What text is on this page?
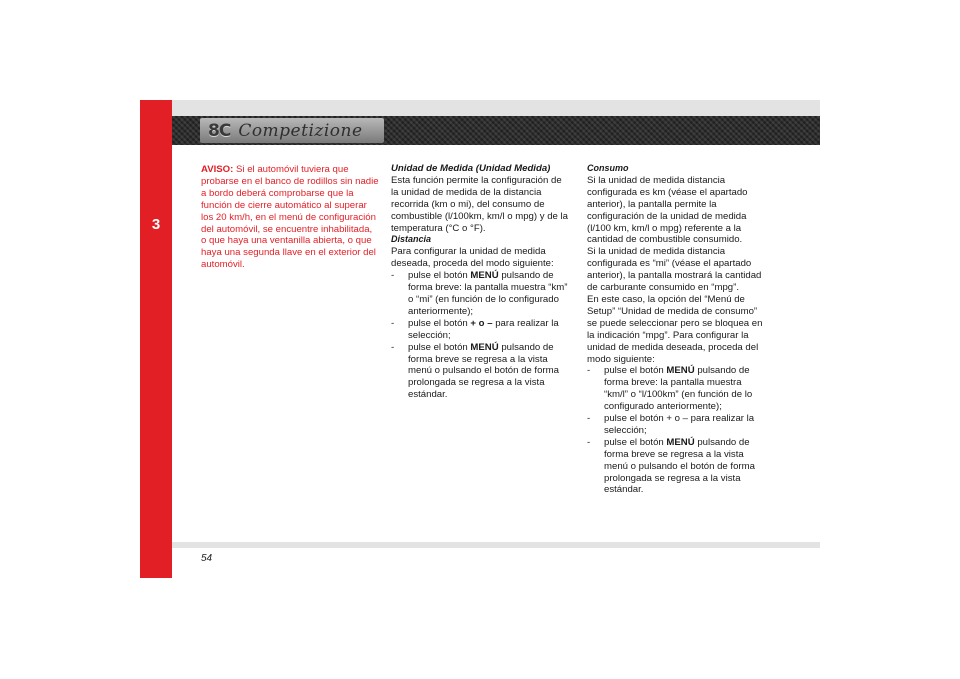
3
8C Competizione

AVISO: Si el automóvil tuviera que probarse en el banco de rodillos sin nadie a bordo deberá comprobarse que la función de cierre automático al superar los 20 km/h, en el menú de configuración del automóvil, se encuentre inhabilitada, o que haya una ventanilla abierta, o que haya una segunda llave en el exterior del automóvil.

Unidad de Medida (Unidad Medida)

Esta función permite la configuración de la unidad de medida de la distancia recorrida (km o mi), del consumo de combustible (l/100km, km/l o mpg) y de la temperatura (°C o °F).

Distancia

Para configurar la unidad de medida deseada, proceda del modo siguiente:

- pulse el botón MENÚ pulsando de forma breve: la pantalla muestra “km” o “mi” (en función de lo configurado anteriormente);
- pulse el botón + o – para realizar la selección;
- pulse el botón MENÚ pulsando de forma breve se regresa a la vista menú o pulsando el botón de forma prolongada se regresa a la vista estándar.

Consumo

Si la unidad de medida distancia configurada es km (véase el apartado anterior), la pantalla permite la configuración de la unidad de medida (l/100 km, km/l o mpg) referente a la cantidad de combustible consumido.

Si la unidad de medida distancia configurada es “mi” (véase el apartado anterior), la pantalla mostrará la cantidad de carburante consumido en “mpg”.

En este caso, la opción del “Menú de Setup” “Unidad de medida de consumo” se puede seleccionar pero se bloquea en la indicación “mpg”. Para configurar la unidad de medida deseada, proceda del modo siguiente:

- pulse el botón MENÚ pulsando de forma breve: la pantalla muestra “km/l” o “l/100km” (en función de lo configurado anteriormente);
- pulse el botón + o – para realizar la selección;
- pulse el botón MENÚ pulsando de forma breve se regresa a la vista menú o pulsando el botón de forma prolongada se regresa a la vista estándar.
54
